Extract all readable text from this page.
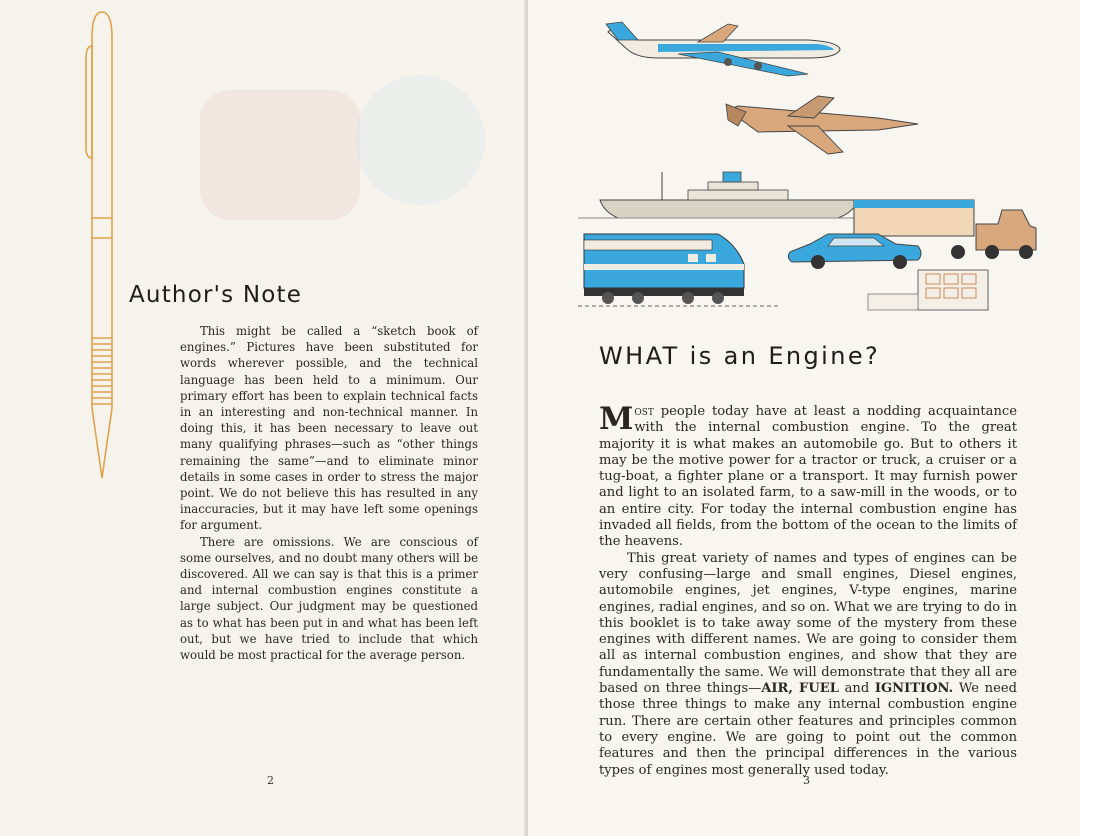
Author's Note

This might be called a “sketch book of engines.” Pictures have been substituted for words wherever possible, and the technical language has been held to a minimum. Our primary effort has been to explain technical facts in an interesting and non-technical manner. In doing this, it has been necessary to leave out many qualifying phrases—such as “other things remaining the same”—and to eliminate minor details in some cases in order to stress the major point. We do not believe this has resulted in any inaccuracies, but it may have left some openings for argument.

There are omissions. We are conscious of some ourselves, and no doubt many others will be discovered. All we can say is that this is a primer and internal combustion engines constitute a large subject. Our judgment may be questioned as to what has been put in and what has been left out, but we have tried to include that which would be most practical for the average person.

2
WHAT is an Engine?

Most people today have at least a nodding acquaintance with the internal combustion engine. To the great majority it is what makes an automobile go. But to others it may be the motive power for a tractor or truck, a cruiser or a tug-boat, a fighter plane or a transport. It may furnish power and light to an isolated farm, to a saw-mill in the woods, or to an entire city. For today the internal combustion engine has invaded all fields, from the bottom of the ocean to the limits of the heavens.

This great variety of names and types of engines can be very confusing—large and small engines, Diesel engines, automobile engines, jet engines, V-type engines, marine engines, radial engines, and so on. What we are trying to do in this booklet is to take away some of the mystery from these engines with different names. We are going to consider them all as internal combustion engines, and show that they are fundamentally the same. We will demonstrate that they all are based on three things—AIR, FUEL and IGNITION. We need those three things to make any internal combustion engine run. There are certain other features and principles common to every engine. We are going to point out the common features and then the principal differences in the various types of engines most generally used today.

3
